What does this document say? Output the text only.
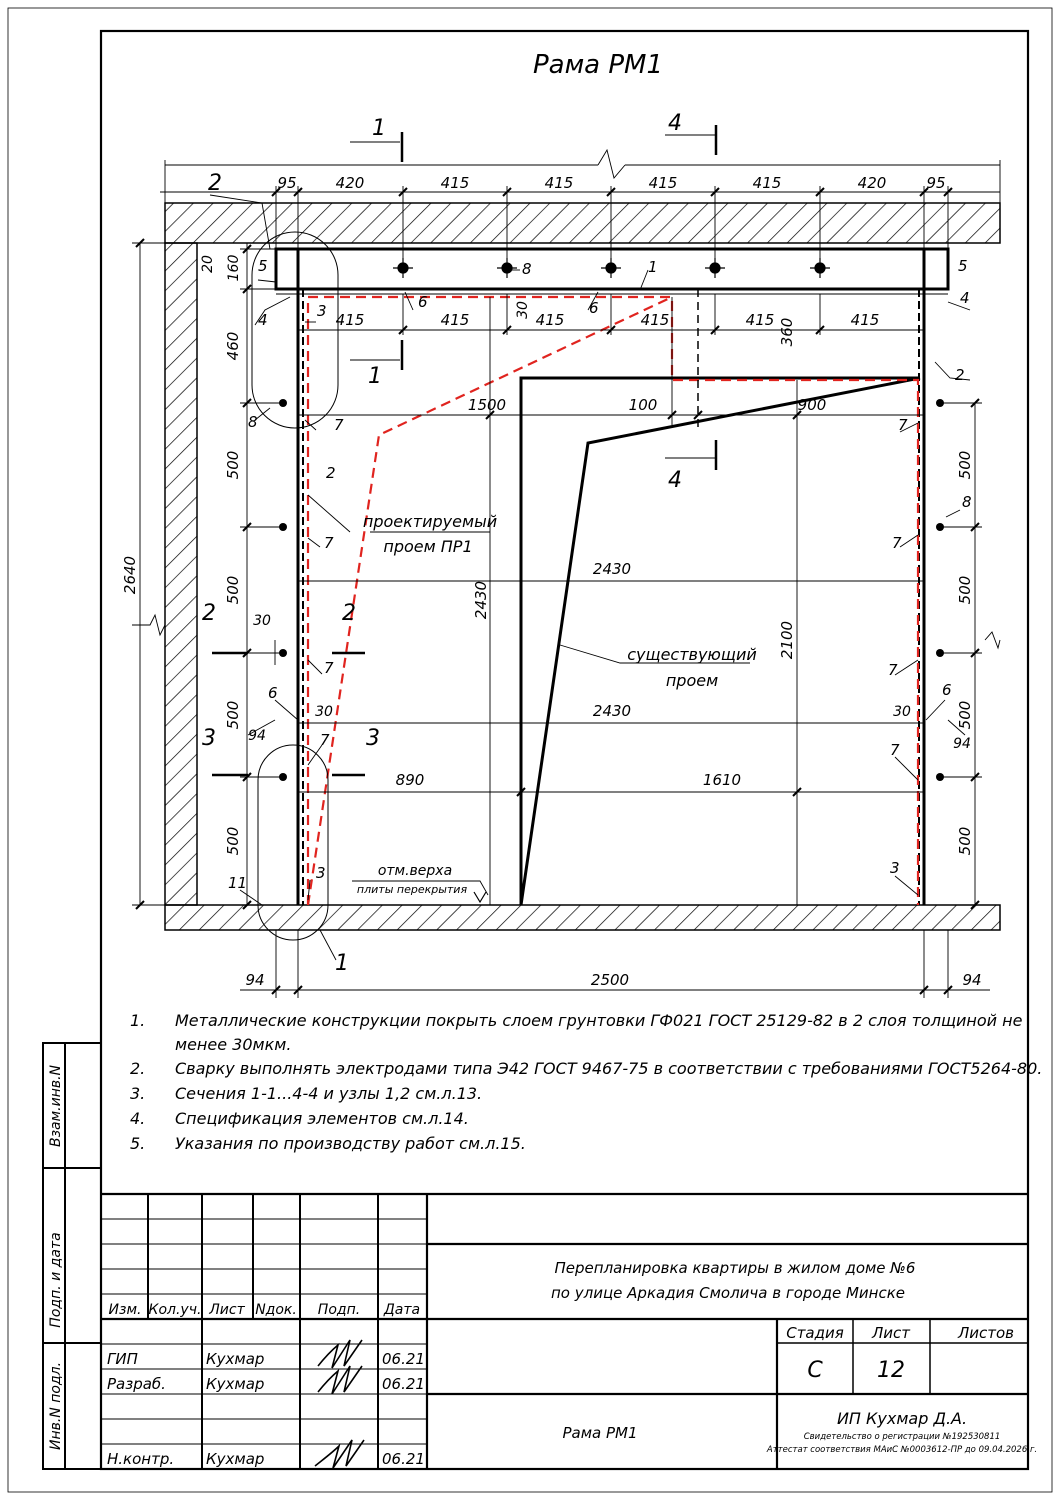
Рама РМ1
95	420	415	415	415	415	420	95
415	415	415	415	415	415
20 160
460
500
500
500
500
2640
500
500
500
500
94	2500	94
1500	100	900
360
2430
2430
2430
2100
890	1610
30
30
30	30
94	94
1
1
4
4
2	2
3	3
2
1
5	5
4
4
3	6	6
8	1
2
8	7
2
7
7
6
7
3
11
7
8
7
7
6
7
3
проектируемый
проем ПР1
существующий
проем
отм.верха
плиты перекрытия
1. Металлические конструкции покрыть слоем грунтовки ГФ021 ГОСТ 25129-82 в 2 слоя толщиной не
менее 30мкм.
2. Сварку выполнять электродами типа Э42 ГОСТ 9467-75 в соответствии с требованиями ГОСТ5264-80.
3. Сечения 1-1...4-4 и узлы 1,2 см.л.13.
4. Спецификация элементов см.л.14.
5. Указания по производству работ см.л.15.
Взам.инв.N
Подп. и дата
Инв.N подл.
Изм. Кол.уч. Лист Nдок. Подп. Дата
ГИП	Кухмар	06.21
Разраб.	Кухмар	06.21
Н.контр. Кухмар	06.21
Перепланировка квартиры в жилом доме №6
по улице Аркадия Смолича в городе Минске
Рама РМ1
Стадия Лист	Листов
С 12
ИП Кухмар Д.А.
Свидетельство о регистрации №192530811
Аттестат соответствия МАиС №0003612-ПР до 09.04.2026 г.
